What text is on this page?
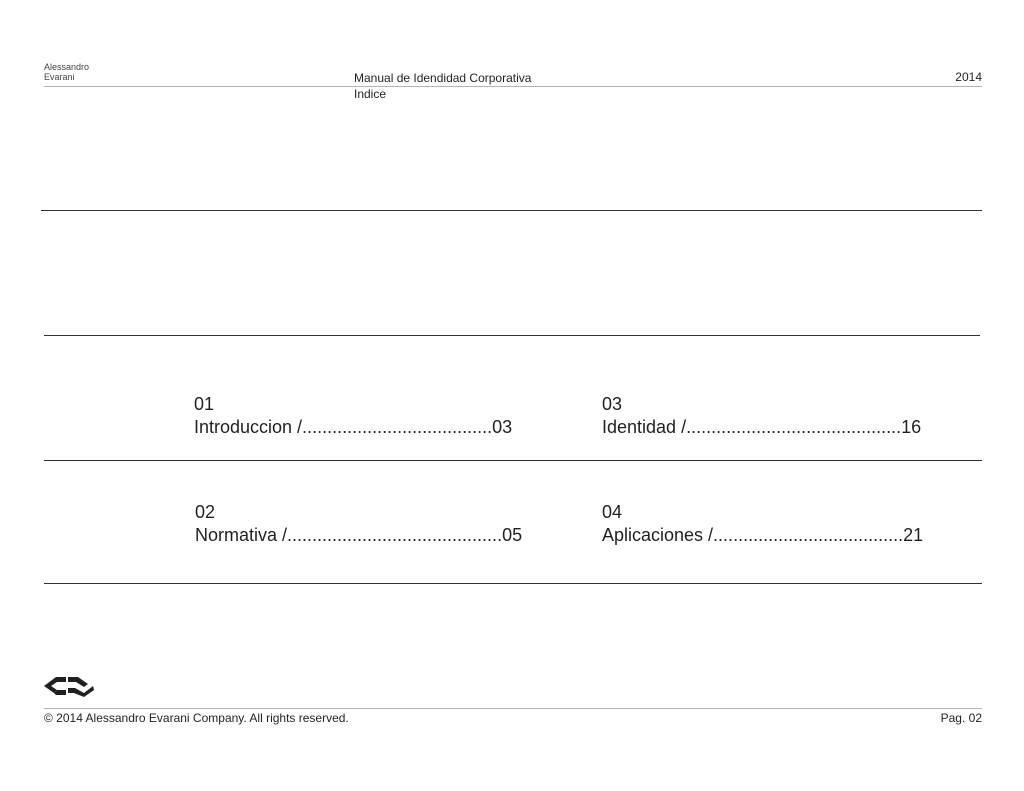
Alessandro
Evarani	Manual de Idendidad Corporativa	2014
Indice
01
Introduccion /......................................03
02
Normativa /...........................................05
03
Identidad /...........................................16
04
Aplicaciones /......................................21
© 2014 Alessandro Evarani Company. All rights reserved.	Pag. 02
